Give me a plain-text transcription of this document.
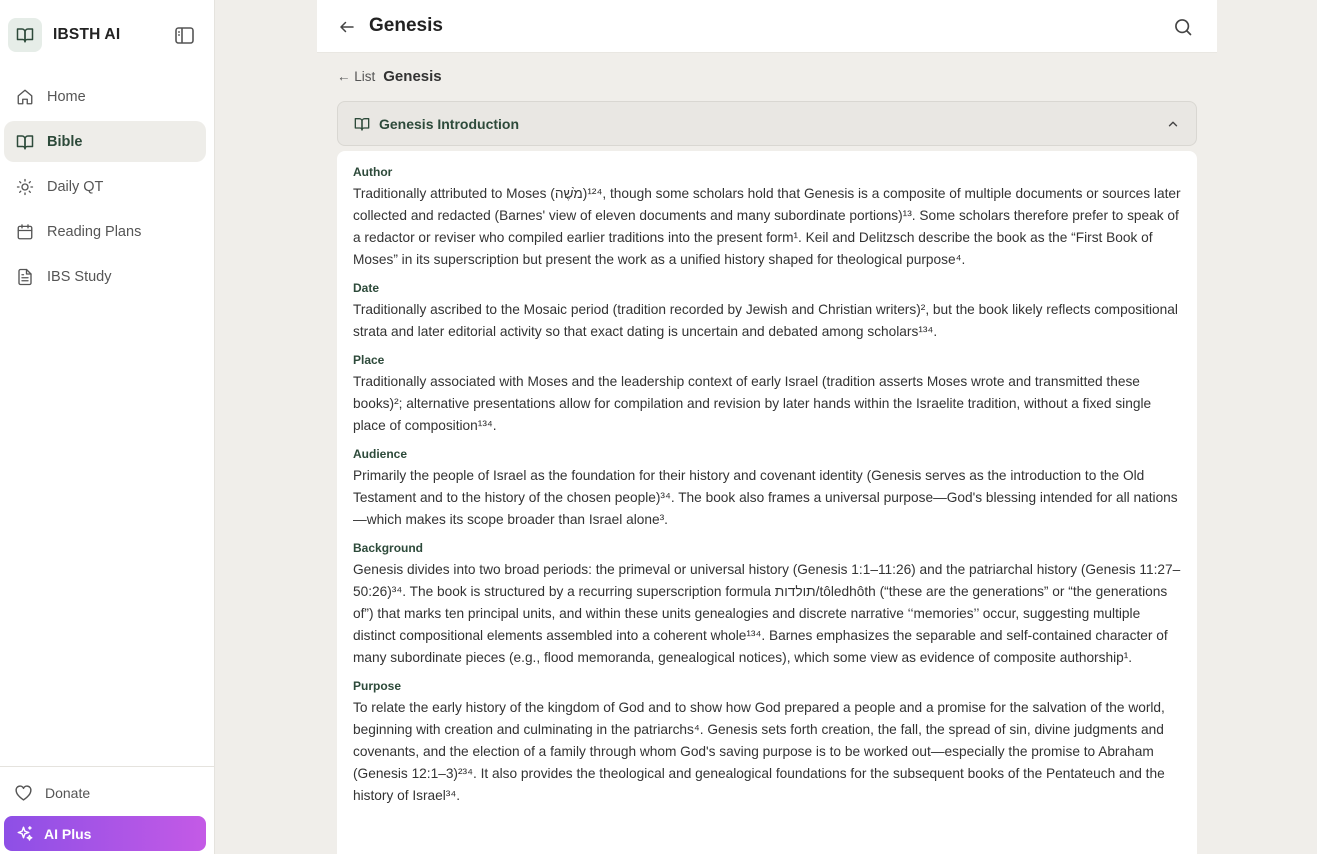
IBSTH AI
Home
Bible
Daily QT
Reading Plans
IBS Study
Donate
AI Plus
Genesis
← List Genesis
Genesis Introduction
Author

Traditionally attributed to Moses (מֹשֶׁה)¹²⁴, though some scholars hold that Genesis is a composite of multiple documents or sources later collected and redacted (Barnes' view of eleven documents and many subordinate portions)¹³. Some scholars therefore prefer to speak of a redactor or reviser who compiled earlier traditions into the present form¹. Keil and Delitzsch describe the book as the “First Book of Moses” in its superscription but present the work as a unified history shaped for theological purpose⁴.

Date

Traditionally ascribed to the Mosaic period (tradition recorded by Jewish and Christian writers)², but the book likely reflects compositional strata and later editorial activity so that exact dating is uncertain and debated among scholars¹³⁴.

Place

Traditionally associated with Moses and the leadership context of early Israel (tradition asserts Moses wrote and transmitted these books)²; alternative presentations allow for compilation and revision by later hands within the Israelite tradition, without a fixed single place of composition¹³⁴.

Audience

Primarily the people of Israel as the foundation for their history and covenant identity (Genesis serves as the introduction to the Old Testament and to the history of the chosen people)³⁴. The book also frames a universal purpose—God's blessing intended for all nations—which makes its scope broader than Israel alone³.

Background

Genesis divides into two broad periods: the primeval or universal history (Genesis 1:1–11:26) and the patriarchal history (Genesis 11:27–50:26)³⁴. The book is structured by a recurring superscription formula תולדות/tôledhôth (“these are the generations” or “the generations of”) that marks ten principal units, and within these units genealogies and discrete narrative ‘‘memories’’ occur, suggesting multiple distinct compositional elements assembled into a coherent whole¹³⁴. Barnes emphasizes the separable and self-contained character of many subordinate pieces (e.g., flood memoranda, genealogical notices), which some view as evidence of composite authorship¹.

Purpose

To relate the early history of the kingdom of God and to show how God prepared a people and a promise for the salvation of the world, beginning with creation and culminating in the patriarchs⁴. Genesis sets forth creation, the fall, the spread of sin, divine judgments and covenants, and the election of a family through whom God's saving purpose is to be worked out—especially the promise to Abraham (Genesis 12:1–3)²³⁴. It also provides the theological and genealogical foundations for the subsequent books of the Pentateuch and the history of Israel³⁴.
